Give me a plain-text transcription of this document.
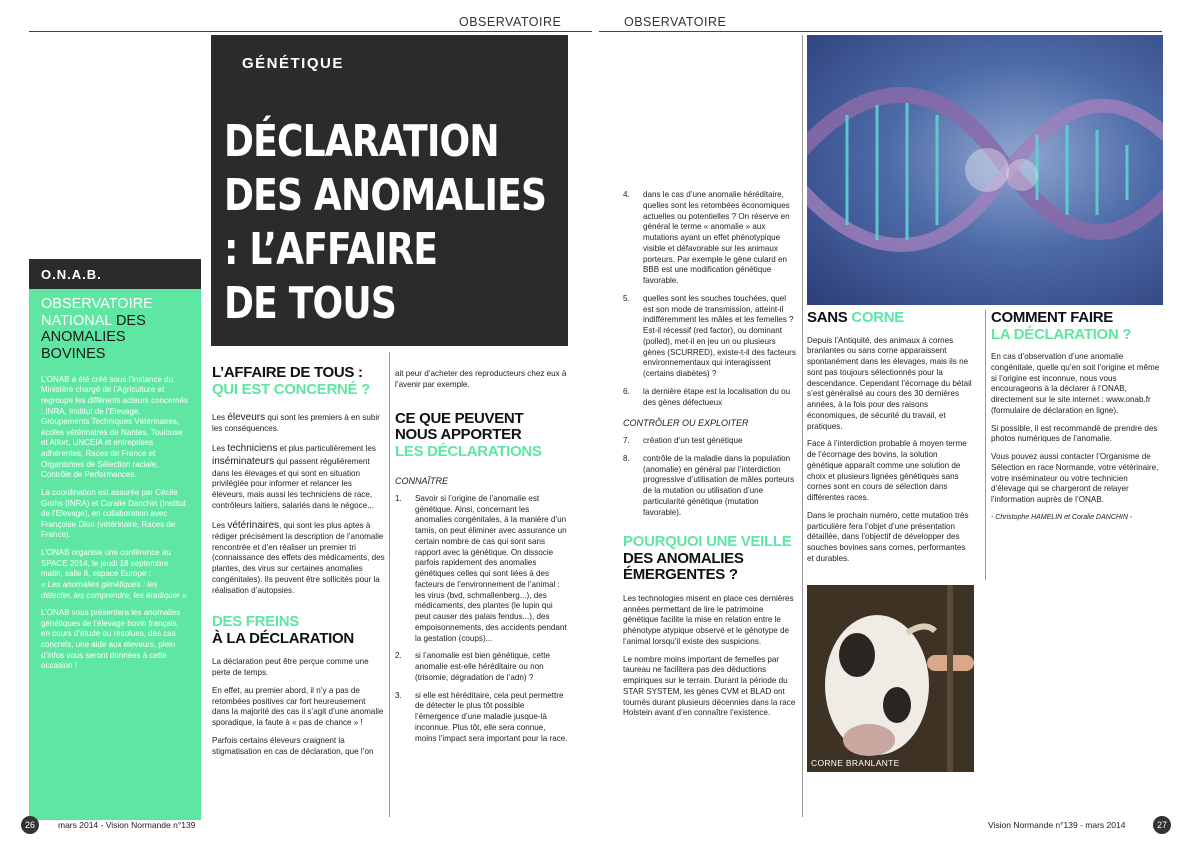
OBSERVATOIRE	OBSERVATOIRE
O.N.A.B.
OBSERVATOIRE NATIONAL DES ANOMALIES BOVINES

L’ONAB a été créé sous l’instance du Ministère chargé de l’Agriculture et regroupe les différents acteurs concernés : INRA, Institut de l’Elevage, Groupements Techniques Vétérinaires, écoles vétérinaires de Nantes, Toulouse et Alfort, UNCEIA et entreprises adhérentes, Races de France et Organismes de Sélection raciale, Contrôle de Performances.

La coordination est assurée par Cécile Grohs (INRA) et Coralie Danchin (Institut de l’Elevage), en collaboration avec Françoise Dion (vétérinaire, Races de France).

L’ONAB organise une conférence au SPACE 2014, le jeudi 18 septembre matin, salle 8, espace Europe :
« Les anomalies génétiques : les détecter, les comprendre, les éradiquer ».

L’ONAB vous présentera les anomalies génétiques de l’élevage bovin français, en cours d’étude ou résolues, des cas concrets, une aide aux éleveurs, plein d’infos vous seront données à cette occasion !

GÉNÉTIQUE
DÉCLARATION
DES ANOMALIES
: L’AFFAIRE
DE TOUS
L’AFFAIRE DE TOUS :
QUI EST CONCERNÉ ?

Les éleveurs qui sont les premiers à en subir les conséquences.

Les techniciens et plus particulièrement les inséminateurs qui passent régulièrement dans les élevages et qui sont en situation privilégiée pour informer et relancer les éleveurs, mais aussi les techniciens de race, contrôleurs laitiers, salariés dans le négoce...

Les vétérinaires, qui sont les plus aptes à rédiger précisément la description de l’anomalie rencontrée et d’en réaliser un premier tri (connaissance des effets des médicaments, des plantes, des virus sur certaines anomalies congénitales). Ils peuvent être sollicités pour la réalisation d’autopsies.

DES FREINS
À LA DÉCLARATION

La déclaration peut être perçue comme une perte de temps.

En effet, au premier abord, il n’y a pas de retombées positives car fort heureusement dans la majorité des cas il s’agit d’une anomalie sporadique, la faute à « pas de chance » !

Parfois certains éleveurs craignent la stigmatisation en cas de déclaration, que l’on

ait peur d’acheter des reproducteurs chez eux à l’avenir par exemple.

CE QUE PEUVENT NOUS APPORTER
LES DÉCLARATIONS
CONNAÎTRE
1.	Savoir si l’origine de l’anomalie est génétique. Ainsi, concernant les anomalies congénitales, à la manière d’un tamis, on peut éliminer avec assurance un certain nombre de cas qui sont sans rapport avec la génétique. On dissocie parfois rapidement des anomalies génétiques celles qui sont liées à des facteurs de l’environnement de l’animal : les virus (bvd, schmallenberg...), des médicaments, des plantes (le lupin qui peut causer des palais fendus...), des empoisonnements, des accidents pendant la gestation (coups)...
2.	si l’anomalie est bien génétique, cette anomalie est-elle héréditaire ou non (trisomie, dégradation de l’adn) ?
3.	si elle est héréditaire, cela peut permettre de détecter le plus tôt possible l’émergence d’une maladie jusque-là inconnue. Plus tôt, elle sera connue, moins l’impact sera important pour la race.
4.	dans le cas d’une anomalie héréditaire, quelles sont les retombées économiques actuelles ou potentielles ? On réserve en général le terme « anomalie » aux mutations ayant un effet phénotypique visible et défavorable sur les animaux porteurs. Par exemple le gène culard en BBB est une modification génétique favorable.
5.	quelles sont les souches touchées, quel est son mode de transmission, atteint-il indifféremment les mâles et les femelles ? Est-il récessif (red factor), ou dominant (polled), met-il en jeu un ou plusieurs gènes (SCURRED), existe-t-il des facteurs environnementaux qui interagissent (certains diabètes) ?
6.	la dernière étape est la localisation du ou des gènes défectueux
CONTRÔLER OU EXPLOITER
7.	création d’un test génétique
8.	contrôle de la maladie dans la population (anomalie) en général par l’interdiction progressive d’utilisation de mâles porteurs de la mutation ou utilisation d’une particularité génétique (mutation favorable).
POURQUOI UNE VEILLE DES ANOMALIES ÉMERGENTES ?

Les technologies misent en place ces dernières années permettant de lire le patrimoine génétique facilite la mise en relation entre le phénotype atypique observé et le génotype de l’animal lorsqu’il existe des suspicions.

Le nombre moins important de femelles par taureau ne facilitera pas des déductions empiriques sur le terrain. Durant la période du STAR SYSTEM, les gènes CVM et BLAD ont tournés durant plusieurs décennies dans la race Holstein avant d’en connaître l’existence.

SANS CORNE

Depuis l’Antiquité, des animaux à cornes branlantes ou sans corne apparaissent spontanément dans les élevages, mais ils ne sont pas toujours sélectionnés pour la descendance. Cependant l’écornage du bétail s’est généralisé au cours des 30 dernières années, à la fois pour des raisons économiques, de sécurité du travail, et pratiques.

Face à l’interdiction probable à moyen terme de l’écornage des bovins, la solution génétique apparaît comme une solution de choix et plusieurs lignées génétiques sans cornes sont en cours de sélection dans différentes races.

Dans le prochain numéro, cette mutation très particulière fera l’objet d’une présentation détaillée, dans l’objectif de développer des souches bovines sans cornes, performantes et durables.

CORNE BRANLANTE
COMMENT FAIRE
LA DÉCLARATION ?

En cas d’observation d’une anomalie congénitale, quelle qu’en soit l’origine et même si l’origine est inconnue, nous vous encourageons à la déclarer à l’ONAB, directement sur le site internet : www.onab.fr (formulaire de déclaration en ligne).

Si possible, il est recommandé de prendre des photos numériques de l’anomalie.

Vous pouvez aussi contacter l’Organisme de Sélection en race Normande, votre vétérinaire, votre inséminateur ou votre technicien d’élevage qui se chargeront de relayer l’information auprès de l’ONAB.

- Christophe HAMELIN et Coralie DANCHIN -

26	mars 2014 - Vision Normande n°139	Vision Normande n°139 - mars 2014	27
